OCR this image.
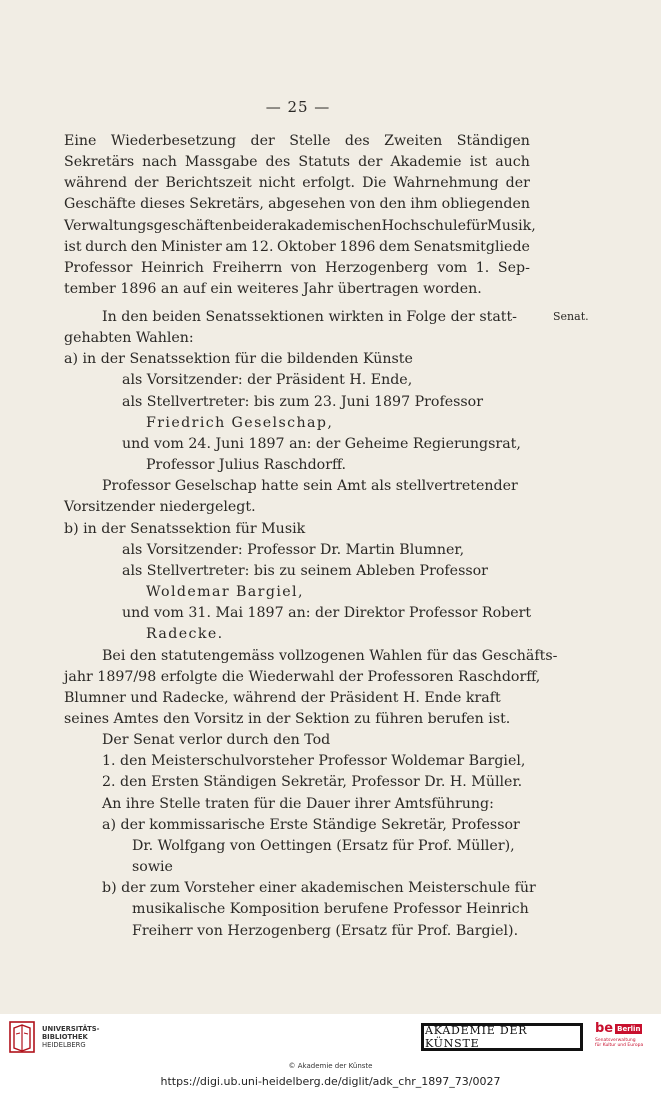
— 25 —
Eine Wiederbesetzung der Stelle des Zweiten Ständigen
Sekretärs nach Massgabe des Statuts der Akademie ist auch
während der Berichtszeit nicht erfolgt. Die Wahrnehmung der
Geschäfte dieses Sekretärs, abgesehen von den ihm obliegenden
Verwaltungsgeschäften bei der akademischen Hochschule für Musik,
ist durch den Minister am 12. Oktober 1896 dem Senatsmitgliede
Professor Heinrich Freiherrn von Herzogenberg vom 1. Sep-
tember 1896 an auf ein weiteres Jahr übertragen worden.
Senat.
In den beiden Senatssektionen wirkten in Folge der statt-
gehabten Wahlen:
a) in der Senatssektion für die bildenden Künste
als Vorsitzender: der Präsident H. Ende,
als Stellvertreter: bis zum 23. Juni 1897 Professor
Friedrich Geselschap,
und vom 24. Juni 1897 an: der Geheime Regierungsrat,
Professor Julius Raschdorff.
Professor Geselschap hatte sein Amt als stellvertretender
Vorsitzender niedergelegt.
b) in der Senatssektion für Musik
als Vorsitzender: Professor Dr. Martin Blumner,
als Stellvertreter: bis zu seinem Ableben Professor
Woldemar Bargiel,
und vom 31. Mai 1897 an: der Direktor Professor Robert
Radecke.
Bei den statutengemäss vollzogenen Wahlen für das Geschäfts-
jahr 1897/98 erfolgte die Wiederwahl der Professoren Raschdorff,
Blumner und Radecke, während der Präsident H. Ende kraft
seines Amtes den Vorsitz in der Sektion zu führen berufen ist.
Der Senat verlor durch den Tod
1. den Meisterschulvorsteher Professor Woldemar Bargiel,
2. den Ersten Ständigen Sekretär, Professor Dr. H. Müller.
An ihre Stelle traten für die Dauer ihrer Amtsführung:
a) der kommissarische Erste Ständige Sekretär, Professor
Dr. Wolfgang von Oettingen (Ersatz für Prof. Müller),
sowie
b) der zum Vorsteher einer akademischen Meisterschule für
musikalische Komposition berufene Professor Heinrich
Freiherr von Herzogenberg (Ersatz für Prof. Bargiel).
UNIVERSITÄTS-
BIBLIOTHEK
HEIDELBERG
AKADEMIE DER KÜNSTE
be Berlin
Senatsverwaltung
für Kultur und Europa
© Akademie der Künste
https://digi.ub.uni-heidelberg.de/diglit/adk_chr_1897_73/0027
